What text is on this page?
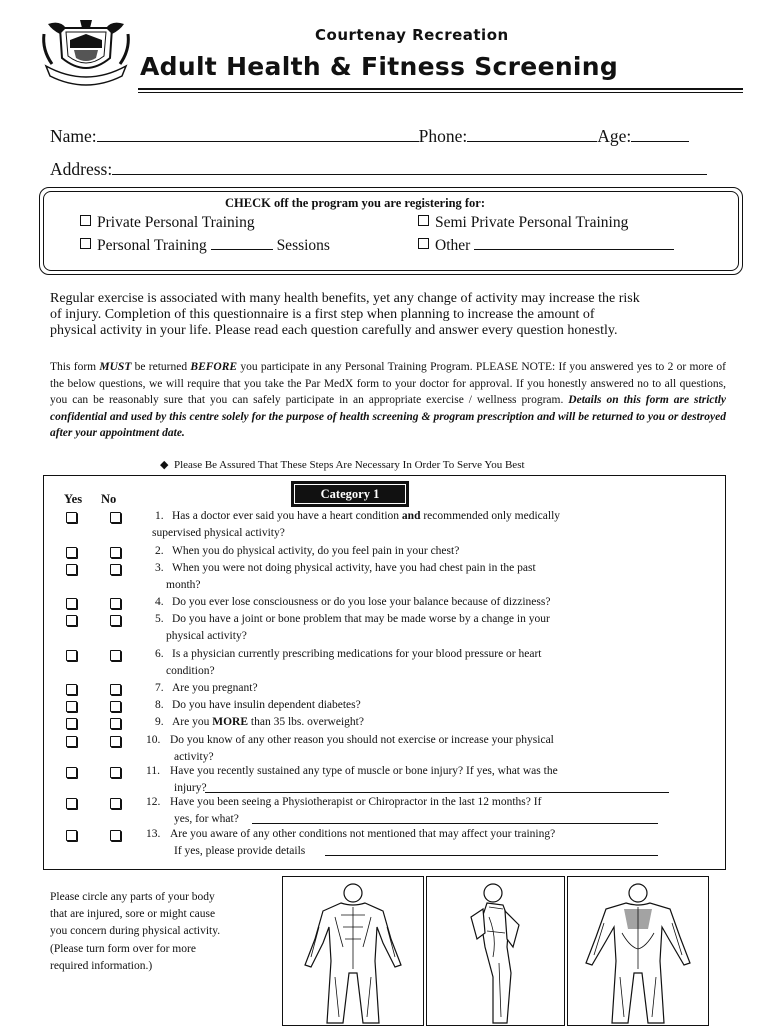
Courtenay Recreation
Adult Health & Fitness Screening
Name:	Phone:	Age:
Address:
CHECK off the program you are registering for:
Private Personal Training	Semi Private Personal Training
Personal Training	Sessions	Other
Regular exercise is associated with many health benefits, yet any change of activity may increase the risk
of injury. Completion of this questionnaire is a first step when planning to increase the amount of
physical activity in your life. Please read each question carefully and answer every question honestly.
This form MUST be returned BEFORE you participate in any Personal Training Program. PLEASE NOTE: If you answered yes to 2 or more of the below questions, we will require that you take the Par MedX form to your doctor for approval. If you honestly answered no to all questions, you can be reasonably sure that you can safely participate in an appropriate exercise / wellness program. Details on this form are strictly confidential and used by this centre solely for the purpose of health screening & program prescription and will be returned to you or destroyed after your appointment date.
◆ Please Be Assured That These Steps Are Necessary In Order To Serve You Best
Yes No	Category 1
1. Has a doctor ever said you have a heart condition and recommended only medically
supervised physical activity?
2. When you do physical activity, do you feel pain in your chest?
3. When you were not doing physical activity, have you had chest pain in the past
month?
4. Do you ever lose consciousness or do you lose your balance because of dizziness?
5. Do you have a joint or bone problem that may be made worse by a change in your
physical activity?
6. Is a physician currently prescribing medications for your blood pressure or heart
condition?
7. Are you pregnant?
8. Do you have insulin dependent diabetes?
9. Are you MORE than 35 lbs. overweight?
10. Do you know of any other reason you should not exercise or increase your physical
activity?
11. Have you recently sustained any type of muscle or bone injury? If yes, what was the
injury?
12. Have you been seeing a Physiotherapist or Chiropractor in the last 12 months? If
yes, for what?
13. Are you aware of any other conditions not mentioned that may affect your training?
If yes, please provide details
Please circle any parts of your body
that are injured, sore or might cause
you concern during physical activity.
(Please turn form over for more
required information.)
